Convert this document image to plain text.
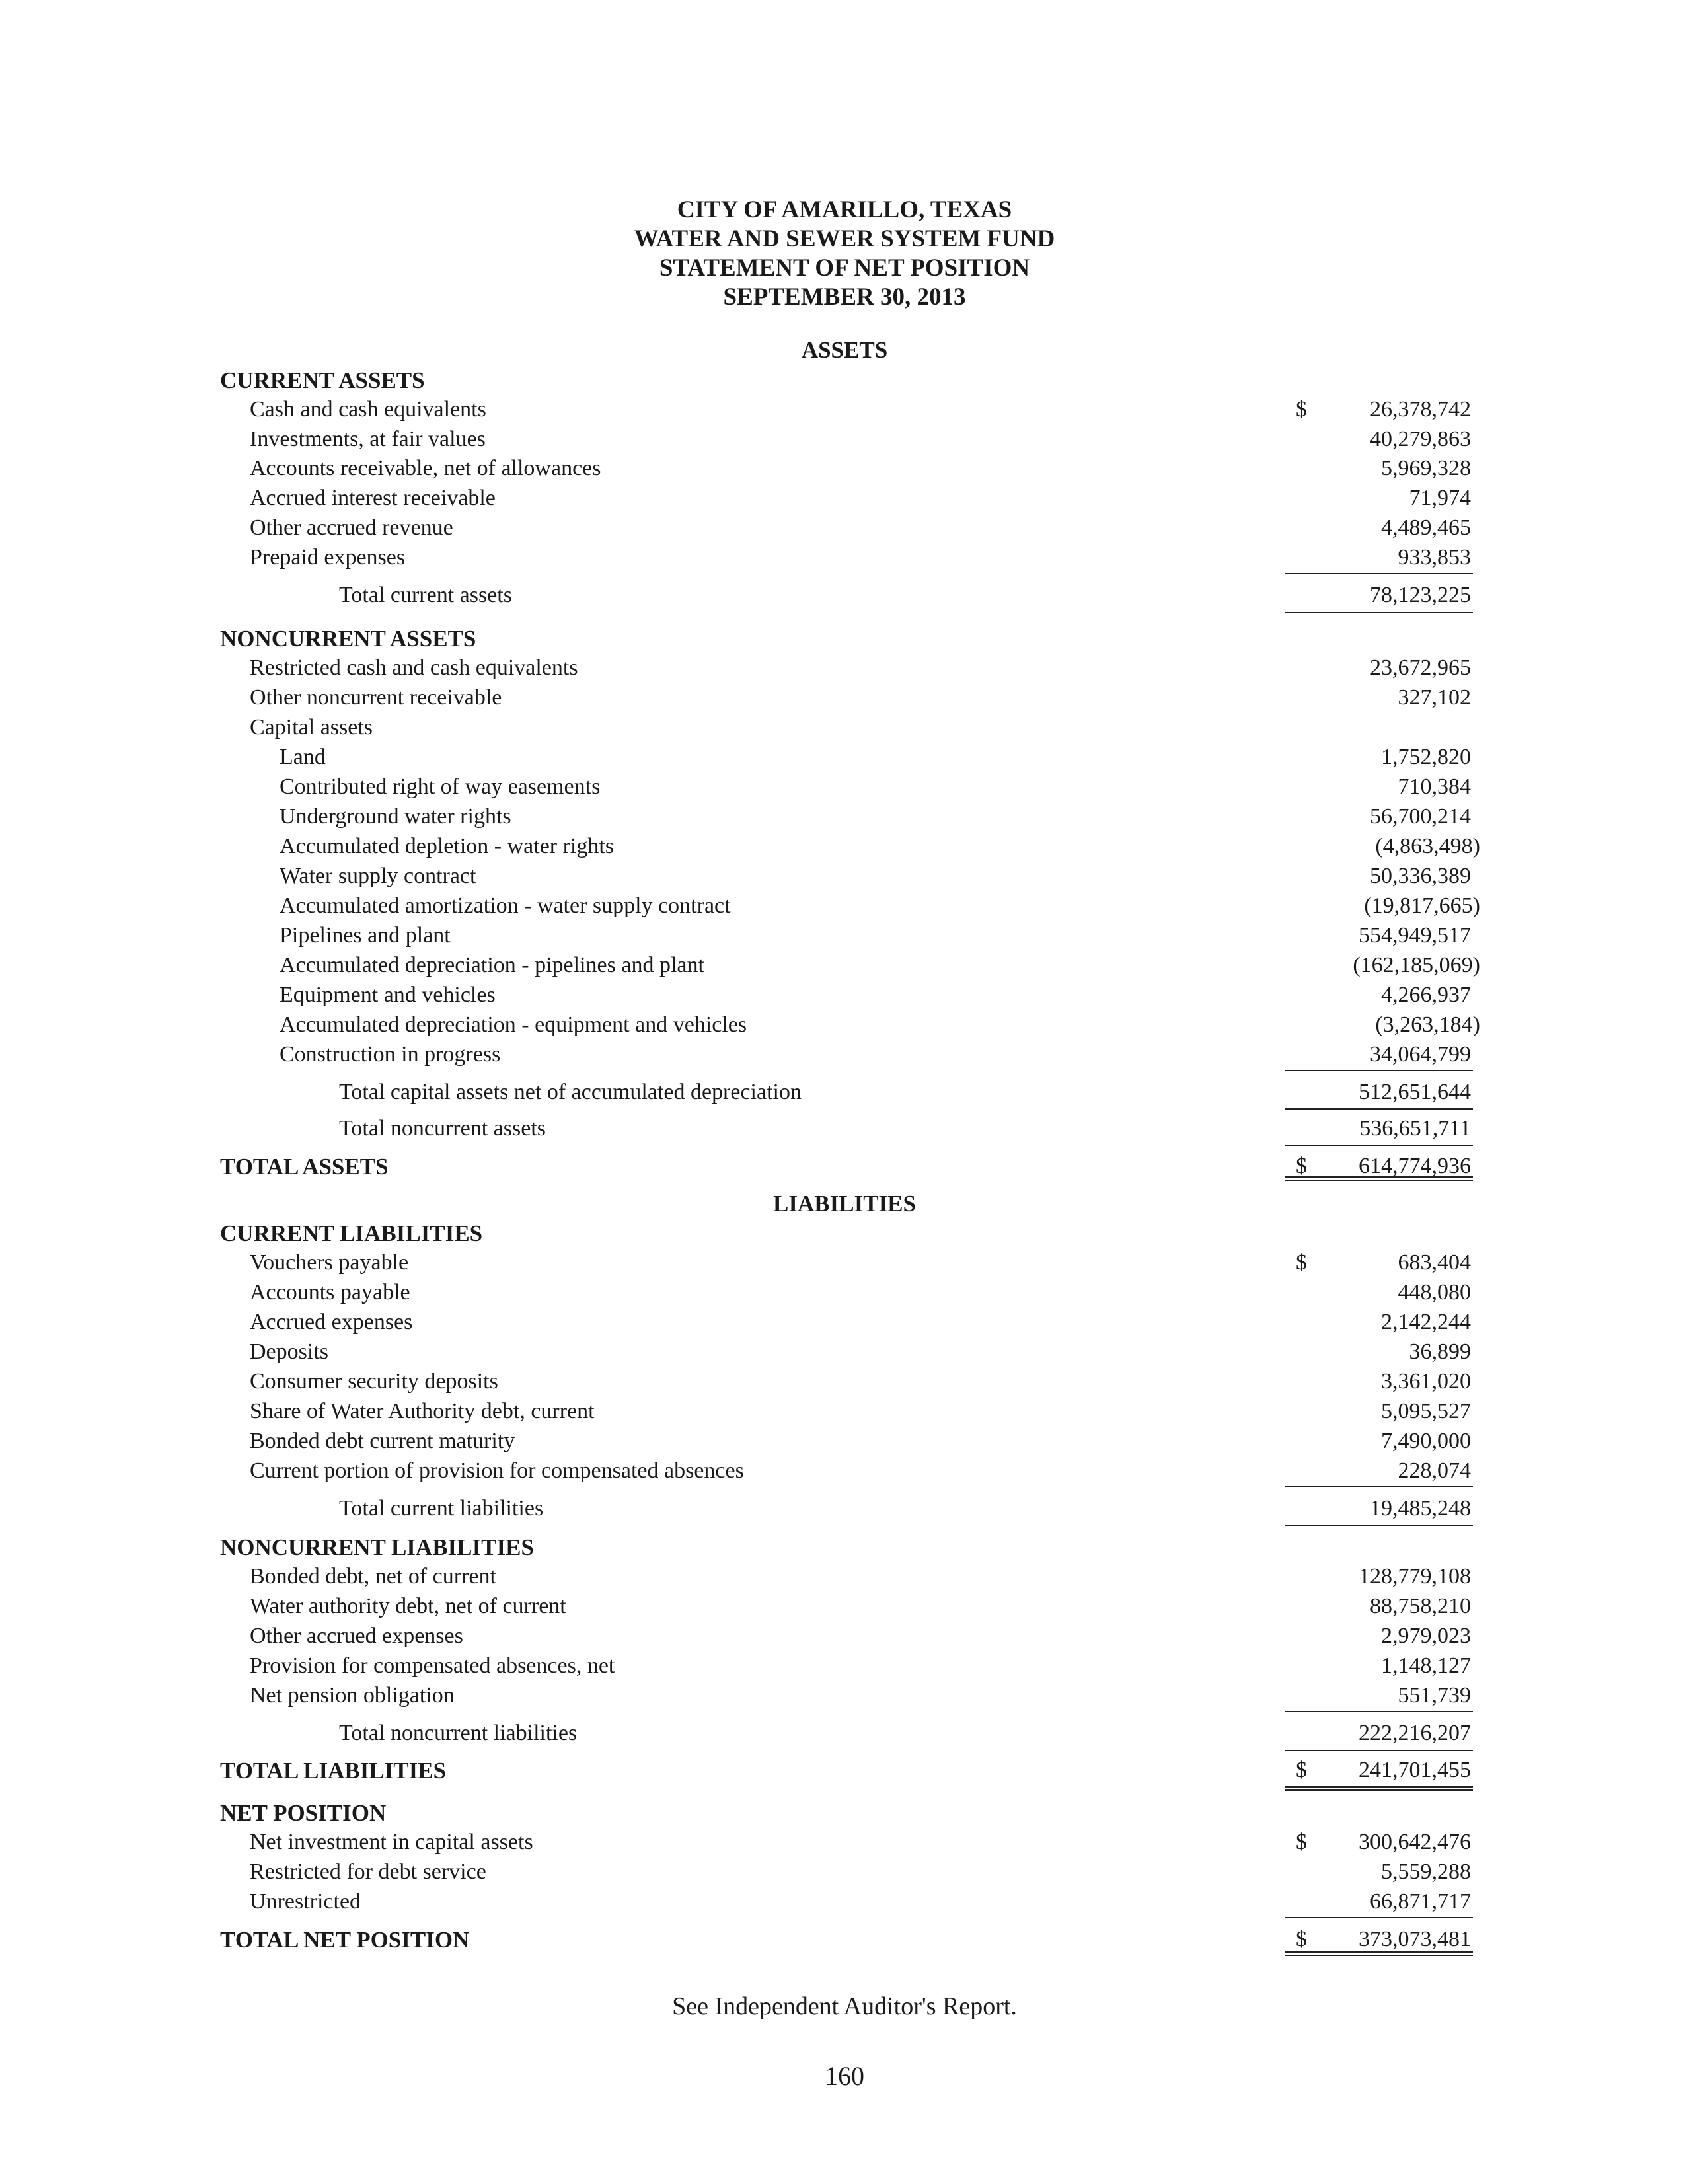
CITY OF AMARILLO, TEXAS
WATER AND SEWER SYSTEM FUND
STATEMENT OF NET POSITION
SEPTEMBER 30, 2013
ASSETS
CURRENT ASSETS
Cash and cash equivalents	$	26,378,742
Investments, at fair values	40,279,863
Accounts receivable, net of allowances	5,969,328
Accrued interest receivable	71,974
Other accrued revenue	4,489,465
Prepaid expenses	933,853
Total current assets	78,123,225
NONCURRENT ASSETS
Restricted cash and cash equivalents	23,672,965
Other noncurrent receivable	327,102
Capital assets
Land	1,752,820
Contributed right of way easements	710,384
Underground water rights	56,700,214
Accumulated depletion - water rights	(4,863,498)
Water supply contract	50,336,389
Accumulated amortization - water supply contract	(19,817,665)
Pipelines and plant	554,949,517
Accumulated depreciation - pipelines and plant	(162,185,069)
Equipment and vehicles	4,266,937
Accumulated depreciation - equipment and vehicles	(3,263,184)
Construction in progress	34,064,799
Total capital assets net of accumulated depreciation	512,651,644
Total noncurrent assets	536,651,711
TOTAL ASSETS	$ 614,774,936
LIABILITIES
CURRENT LIABILITIES
Vouchers payable	$	683,404
Accounts payable	448,080
Accrued expenses	2,142,244
Deposits	36,899
Consumer security deposits	3,361,020
Share of Water Authority debt, current	5,095,527
Bonded debt current maturity	7,490,000
Current portion of provision for compensated absences	228,074
Total current liabilities	19,485,248
NONCURRENT LIABILITIES
Bonded debt, net of current	128,779,108
Water authority debt, net of current	88,758,210
Other accrued expenses	2,979,023
Provision for compensated absences, net	1,148,127
Net pension obligation	551,739
Total noncurrent liabilities	222,216,207
TOTAL LIABILITIES	$ 241,701,455
NET POSITION
Net investment in capital assets	$ 300,642,476
Restricted for debt service	5,559,288
Unrestricted	66,871,717
TOTAL NET POSITION	$ 373,073,481
See Independent Auditor's Report.
160
